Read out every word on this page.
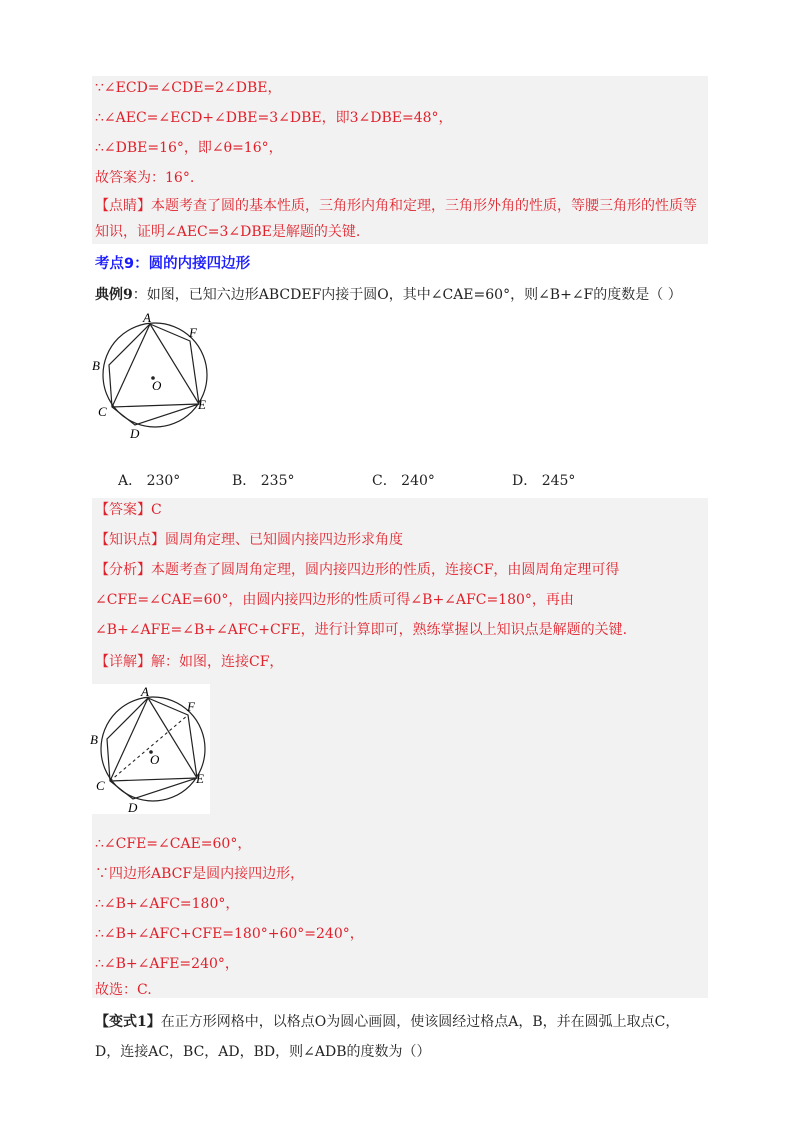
∵∠ECD=∠CDE=2∠DBE，
∴∠AEC=∠ECD+∠DBE=3∠DBE，即3∠DBE=48°，
∴∠DBE=16°，即∠θ=16°，
故答案为：16°.
【点睛】本题考查了圆的基本性质，三角形内角和定理，三角形外角的性质，等腰三角形的性质等
知识，证明∠AEC=3∠DBE是解题的关键.
考点9：圆的内接四边形
典例9：如图，已知六边形ABCDEF内接于圆O，其中∠CAE=60°，则∠B+∠F的度数是（ ）
A
F
B
O
E
C
D
A． 230°	B． 235°	C． 240°	D． 245°
【答案】C
【知识点】圆周角定理、已知圆内接四边形求角度
【分析】本题考查了圆周角定理，圆内接四边形的性质，连接CF，由圆周角定理可得
∠CFE=∠CAE=60°，由圆内接四边形的性质可得∠B+∠AFC=180°，再由
∠B+∠AFE=∠B+∠AFC+CFE，进行计算即可，熟练掌握以上知识点是解题的关键.
【详解】解：如图，连接CF，
A
F
B
O
E
C
D
∴∠CFE=∠CAE=60°，
∵四边形ABCF是圆内接四边形，
∴∠B+∠AFC=180°，
∴∠B+∠AFC+CFE=180°+60°=240°，
∴∠B+∠AFE=240°，
故选：C.
【变式1】在正方形网格中，以格点O为圆心画圆，使该圆经过格点A，B，并在圆弧上取点C，
D，连接AC，BC，AD，BD，则∠ADB的度数为（）
